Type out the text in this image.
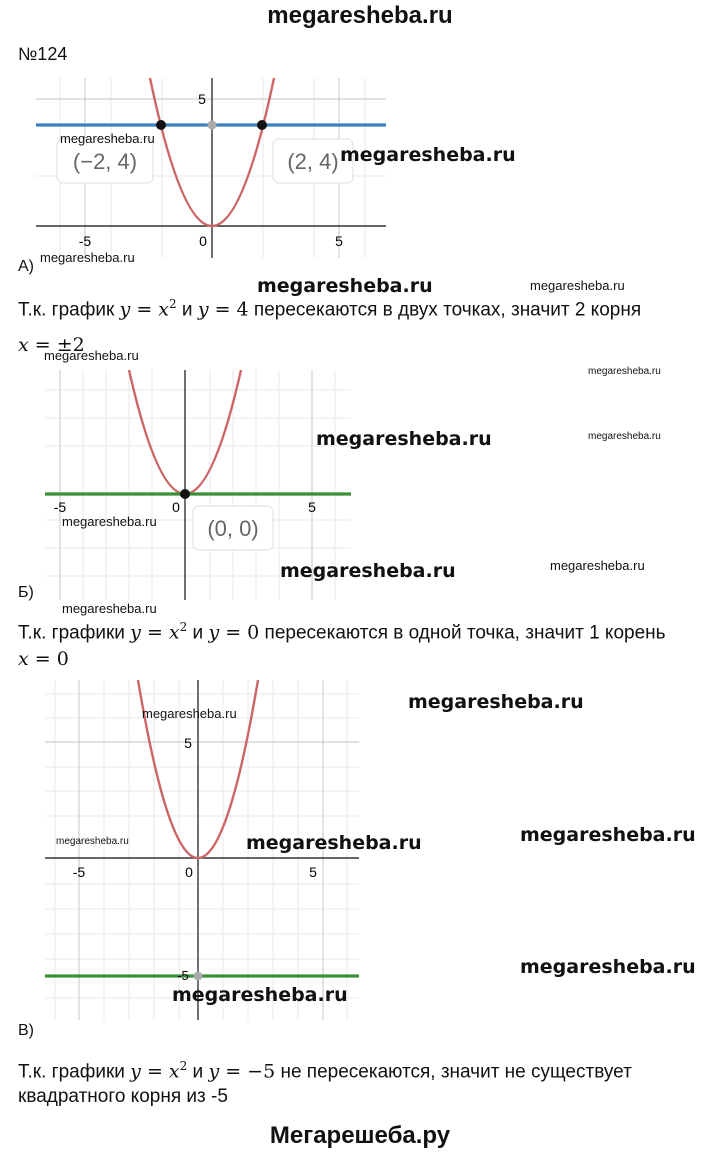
megaresheba.ru
№124
(−2, 4)	(2, 4)
-5	0	5
5
А)
Т.к. график $y = x^2$ и y = 4 пересекаются в двух точках, значит 2 корня
x = ±2
(0, 0)
-5	0	5
Б)
Т.к. графики $y = x^2$ и y = 0 пересекаются в одной точка, значит 1 корень
x = 0
-5	0	5
5
-5
В)
Т.к. графики $y = x^2$ и y = −5 не пересекаются, значит не существует
квадратного корня из -5
Мегарешеба.ру
megaresheba.ru
megaresheba.ru
megaresheba.ru
megaresheba.ru	megaresheba.ru
megaresheba.ru
megaresheba.ru
megaresheba.ru	megaresheba.ru
megaresheba.ru
megaresheba.ru
megaresheba.ru
megaresheba.ru
megaresheba.ru
megaresheba.ru
megaresheba.ru	megaresheba.ru	megaresheba.ru
megaresheba.ru
megaresheba.ru
